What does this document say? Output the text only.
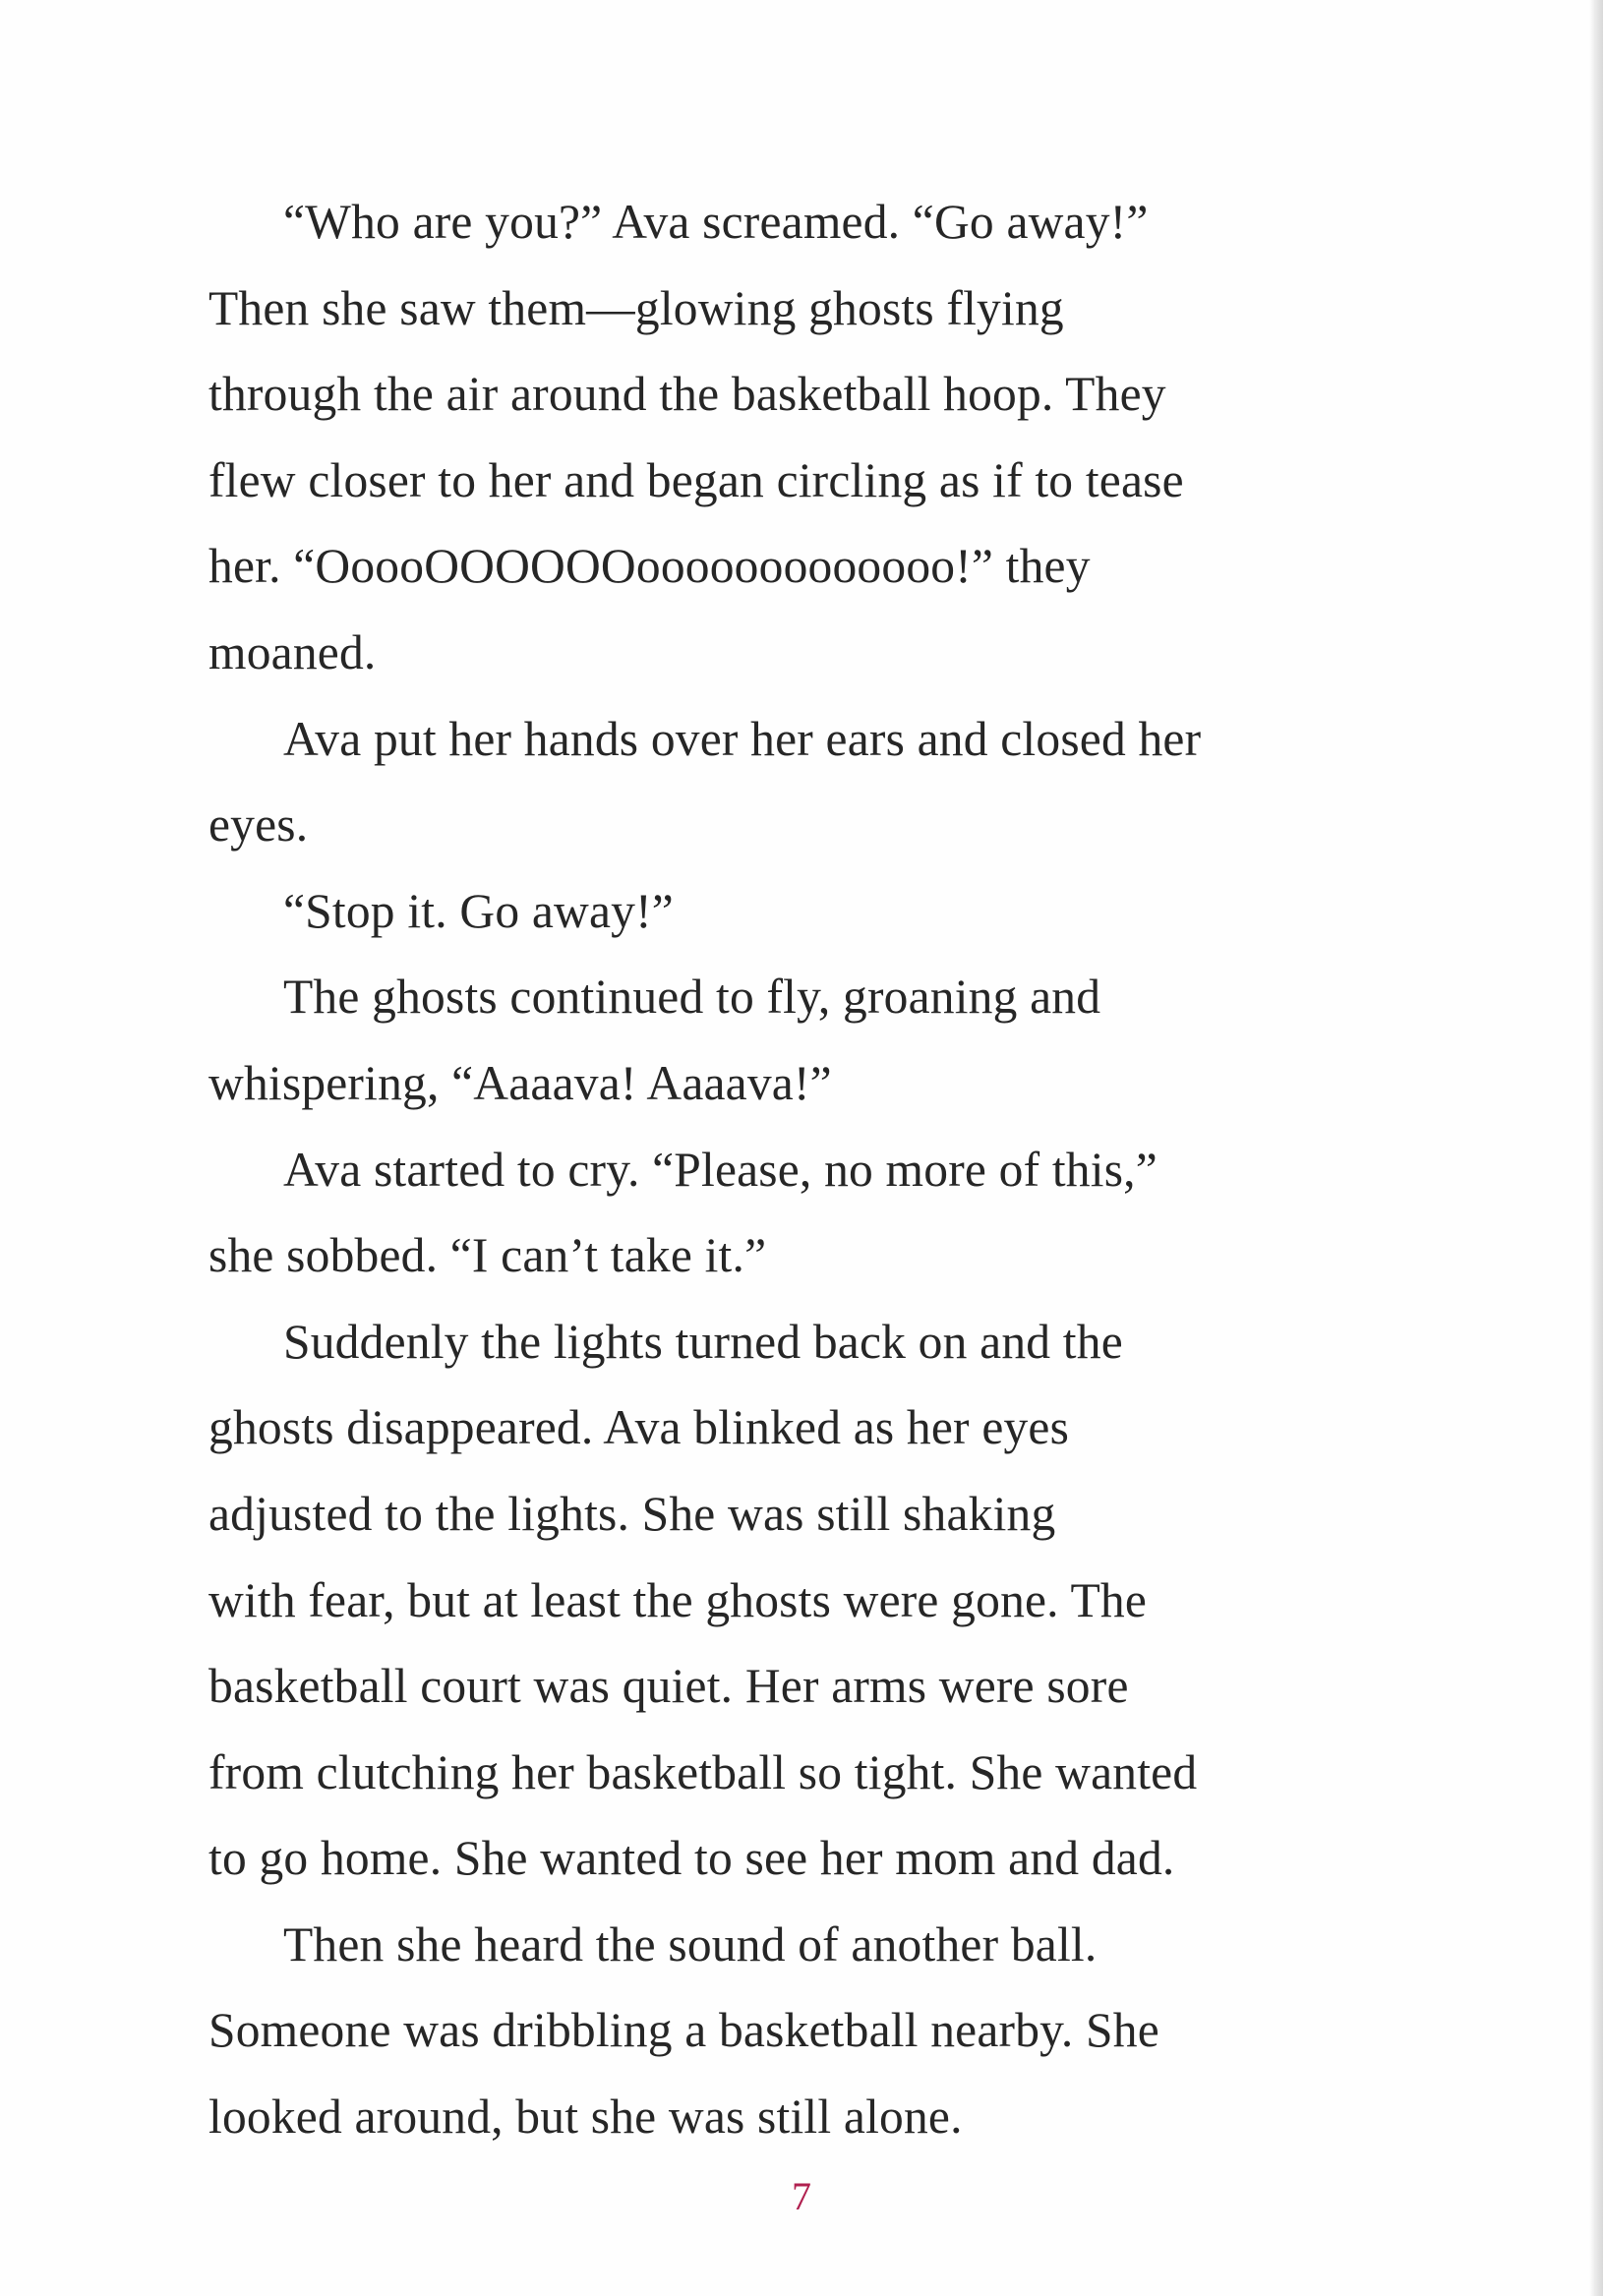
“Who are you?” Ava screamed. “Go away!”
Then she saw them—glowing ghosts flying
through the air around the basketball hoop. They
flew closer to her and began circling as if to tease
her. “OoooOOOOOOooooooooooooo!” they
moaned.
Ava put her hands over her ears and closed her
eyes.
“Stop it. Go away!”
The ghosts continued to fly, groaning and
whispering, “Aaaava! Aaaava!”
Ava started to cry. “Please, no more of this,”
she sobbed. “I can’t take it.”
Suddenly the lights turned back on and the
ghosts disappeared. Ava blinked as her eyes
adjusted to the lights. She was still shaking
with fear, but at least the ghosts were gone. The
basketball court was quiet. Her arms were sore
from clutching her basketball so tight. She wanted
to go home. She wanted to see her mom and dad.
Then she heard the sound of another ball.
Someone was dribbling a basketball nearby. She
looked around, but she was still alone.
7
